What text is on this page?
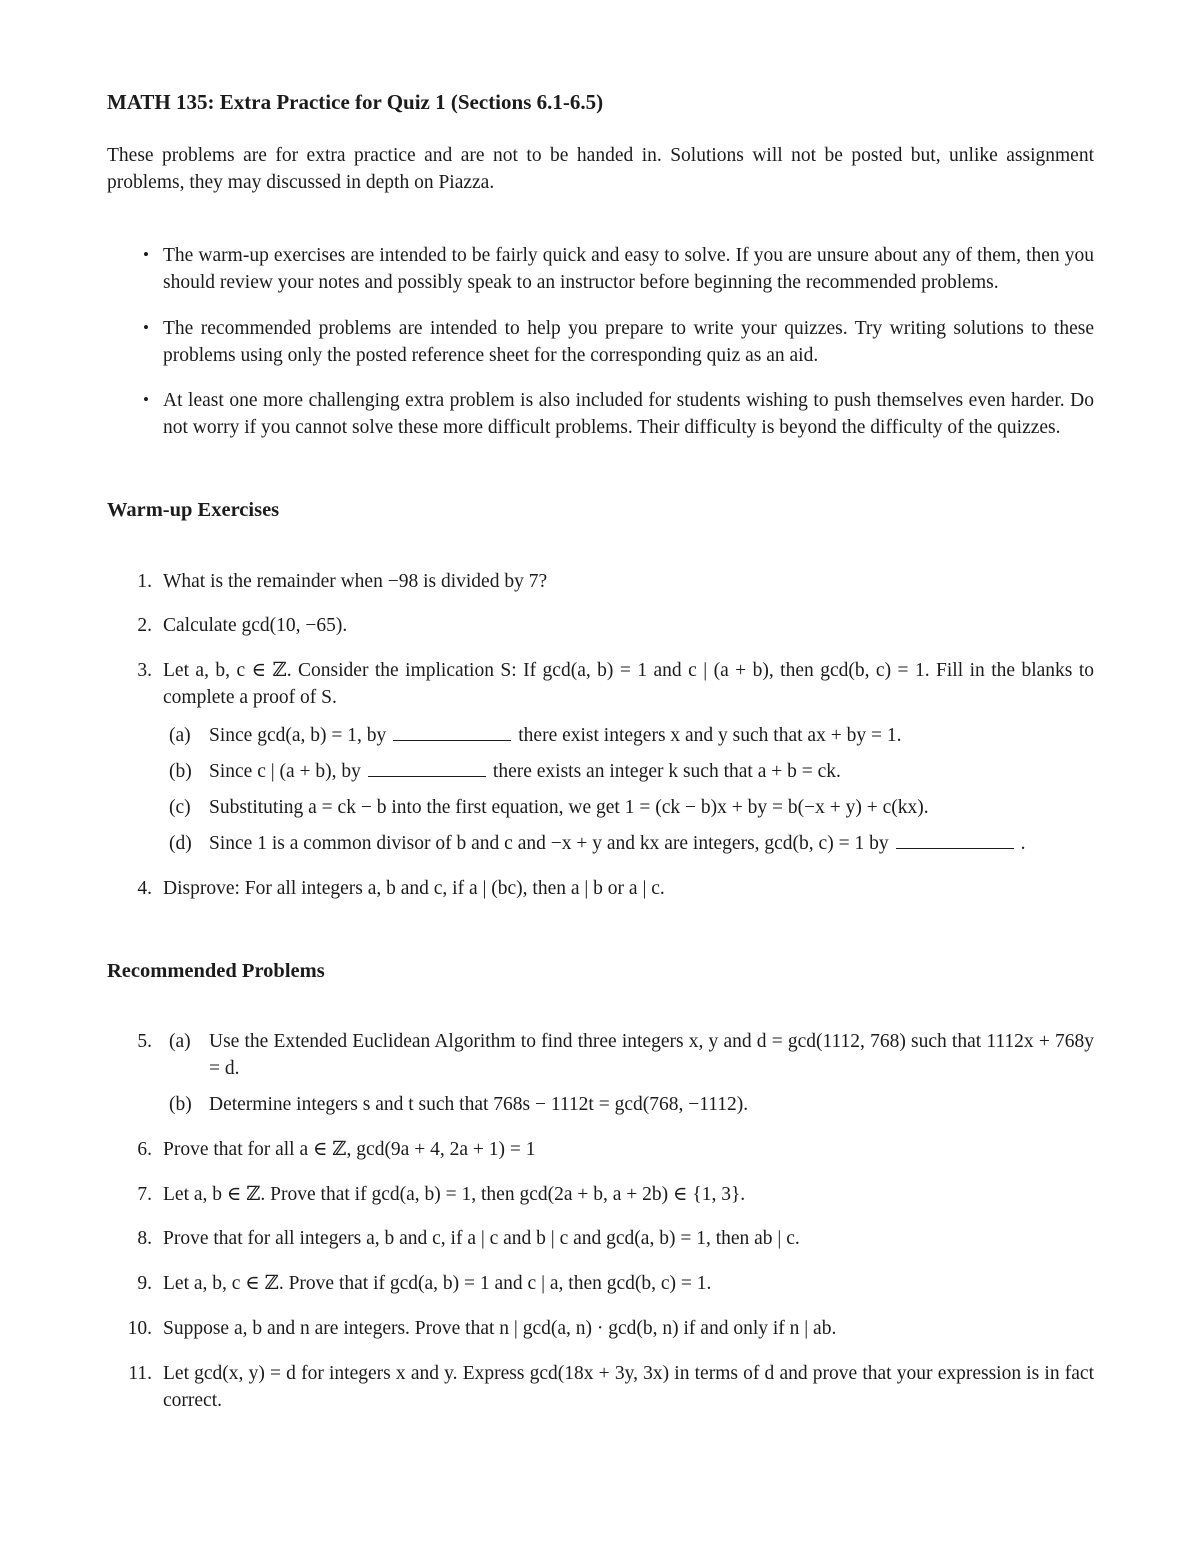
MATH 135: Extra Practice for Quiz 1 (Sections 6.1-6.5)

These problems are for extra practice and are not to be handed in. Solutions will not be posted but, unlike assignment problems, they may discussed in depth on Piazza.

• The warm-up exercises are intended to be fairly quick and easy to solve. If you are unsure about any of them, then you should review your notes and possibly speak to an instructor before beginning the recommended problems.
• The recommended problems are intended to help you prepare to write your quizzes. Try writing solutions to these problems using only the posted reference sheet for the corresponding quiz as an aid.
• At least one more challenging extra problem is also included for students wishing to push themselves even harder. Do not worry if you cannot solve these more difficult problems. Their difficulty is beyond the difficulty of the quizzes.
Warm-up Exercises
1. What is the remainder when −98 is divided by 7?
2. Calculate gcd(10, −65).
3. Let a, b, c ∈ ℤ. Consider the implication S: If gcd(a, b) = 1 and c | (a + b), then gcd(b, c) = 1. Fill in the blanks to complete a proof of S.
(a) Since gcd(a, b) = 1, by	there exist integers x and y such that ax + by = 1.
(b) Since c | (a + b), by	there exists an integer k such that a + b = ck.
(c) Substituting a = ck − b into the first equation, we get 1 = (ck − b)x + by = b(−x + y) + c(kx).
(d) Since 1 is a common divisor of b and c and −x + y and kx are integers, gcd(b, c) = 1 by	.
4. Disprove: For all integers a, b and c, if a | (bc), then a | b or a | c.
Recommended Problems
5. (a) Use the Extended Euclidean Algorithm to find three integers x, y and d = gcd(1112, 768) such that 1112x + 768y = d.
(b) Determine integers s and t such that 768s − 1112t = gcd(768, −1112).
6. Prove that for all a ∈ ℤ, gcd(9a + 4, 2a + 1) = 1
7. Let a, b ∈ ℤ. Prove that if gcd(a, b) = 1, then gcd(2a + b, a + 2b) ∈ {1, 3}.
8. Prove that for all integers a, b and c, if a | c and b | c and gcd(a, b) = 1, then ab | c.
9. Let a, b, c ∈ ℤ. Prove that if gcd(a, b) = 1 and c | a, then gcd(b, c) = 1.
10. Suppose a, b and n are integers. Prove that n | gcd(a, n) · gcd(b, n) if and only if n | ab.
11. Let gcd(x, y) = d for integers x and y. Express gcd(18x + 3y, 3x) in terms of d and prove that your expression is in fact correct.
